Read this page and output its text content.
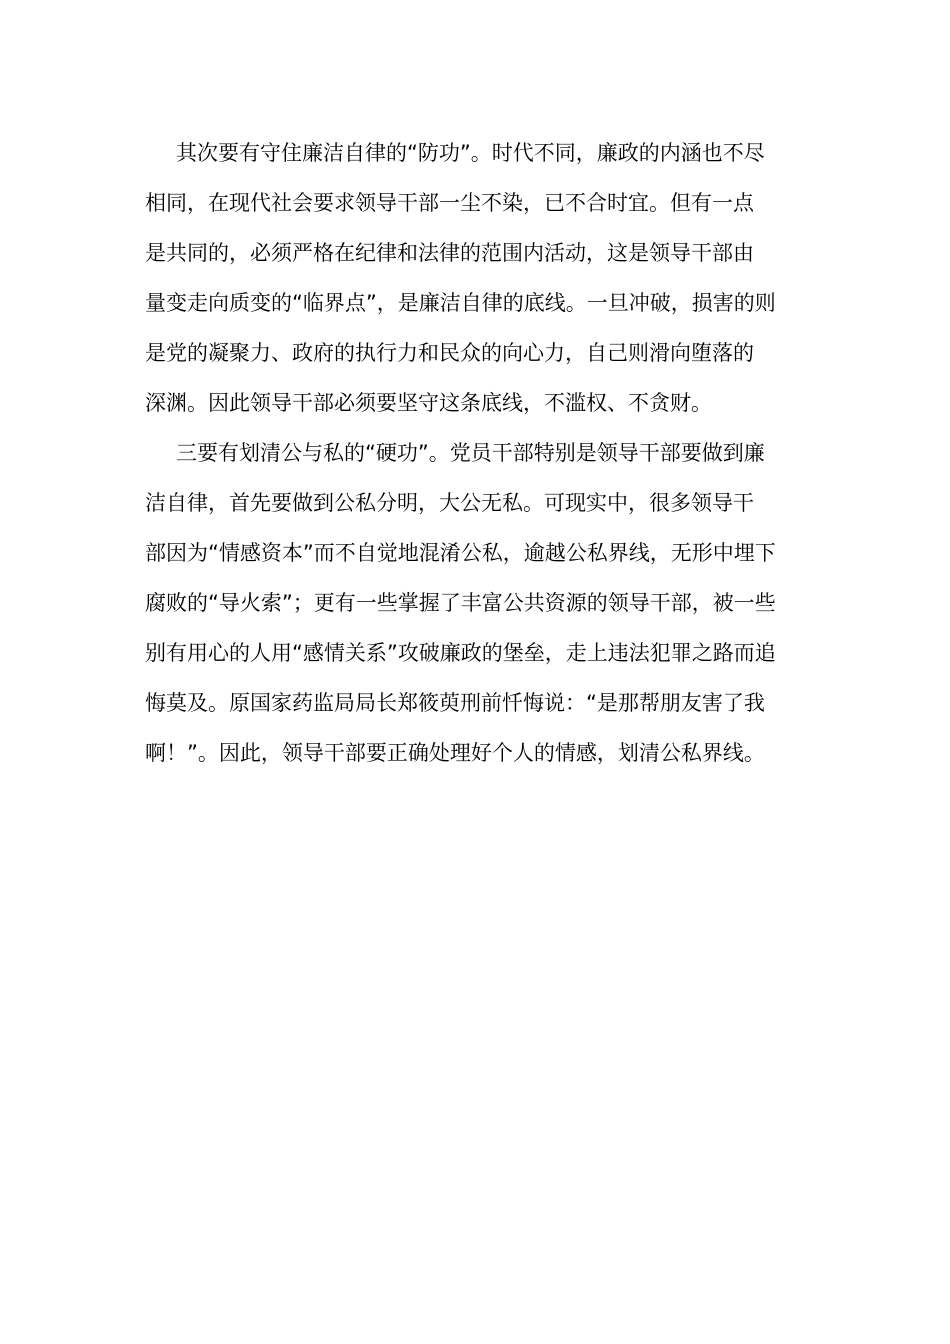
其次要有守住廉洁自律的“防功”。时代不同，廉政的内涵也不尽
相同，在现代社会要求领导干部一尘不染，已不合时宜。但有一点
是共同的，必须严格在纪律和法律的范围内活动，这是领导干部由
量变走向质变的“临界点”，是廉洁自律的底线。一旦冲破，损害的则
是党的凝聚力、政府的执行力和民众的向心力，自己则滑向堕落的
深渊。因此领导干部必须要坚守这条底线，不滥权、不贪财。
三要有划清公与私的“硬功”。党员干部特别是领导干部要做到廉
洁自律，首先要做到公私分明，大公无私。可现实中，很多领导干
部因为“情感资本”而不自觉地混淆公私，逾越公私界线，无形中埋下
腐败的“导火索”；更有一些掌握了丰富公共资源的领导干部，被一些
别有用心的人用“感情关系”攻破廉政的堡垒，走上违法犯罪之路而追
悔莫及。原国家药监局局长郑筱萸刑前忏悔说：“是那帮朋友害了我
啊！”。因此，领导干部要正确处理好个人的情感，划清公私界线。
